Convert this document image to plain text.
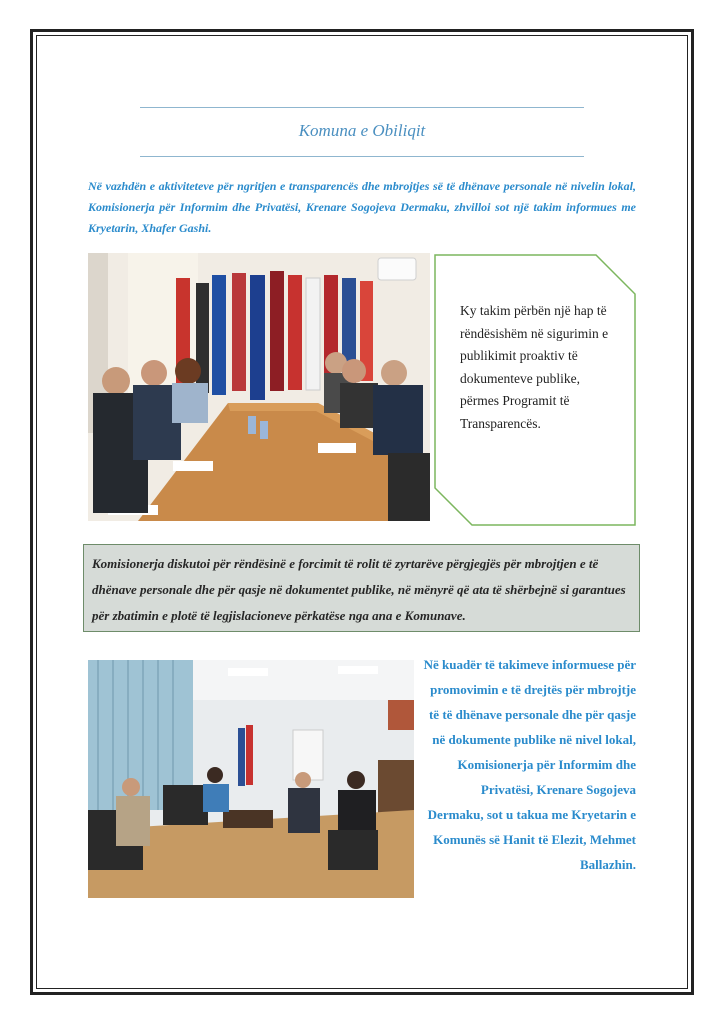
Komuna e Obiliqit
Në vazhdën e aktiviteteve për ngritjen e transparencës dhe mbrojtjes së të dhënave personale në nivelin lokal, Komisionerja për Informim dhe Privatësi, Krenare Sogojeva Dermaku, zhvilloi sot një takim informues me Kryetarin, Xhafer Gashi.
Ky takim përbën një hap të rëndësishëm në sigurimin e publikimit proaktiv të dokumenteve publike, përmes Programit të Transparencës.

Komisionerja diskutoi për rëndësinë e forcimit të rolit të zyrtarëve përgjegjës për mbrojtjen e të dhënave personale dhe për qasje në dokumentet publike, në mënyrë që ata të shërbejnë si garantues për zbatimin e plotë të legjislacioneve përkatëse nga ana e Komunave.

Në kuadër të takimeve informuese për promovimin e të drejtës për mbrojtje të të dhënave personale dhe për qasje në dokumente publike në nivel lokal, Komisionerja për Informim dhe Privatësi, Krenare Sogojeva Dermaku, sot u takua me Kryetarin e Komunës së Hanit të Elezit, Mehmet Ballazhin.
